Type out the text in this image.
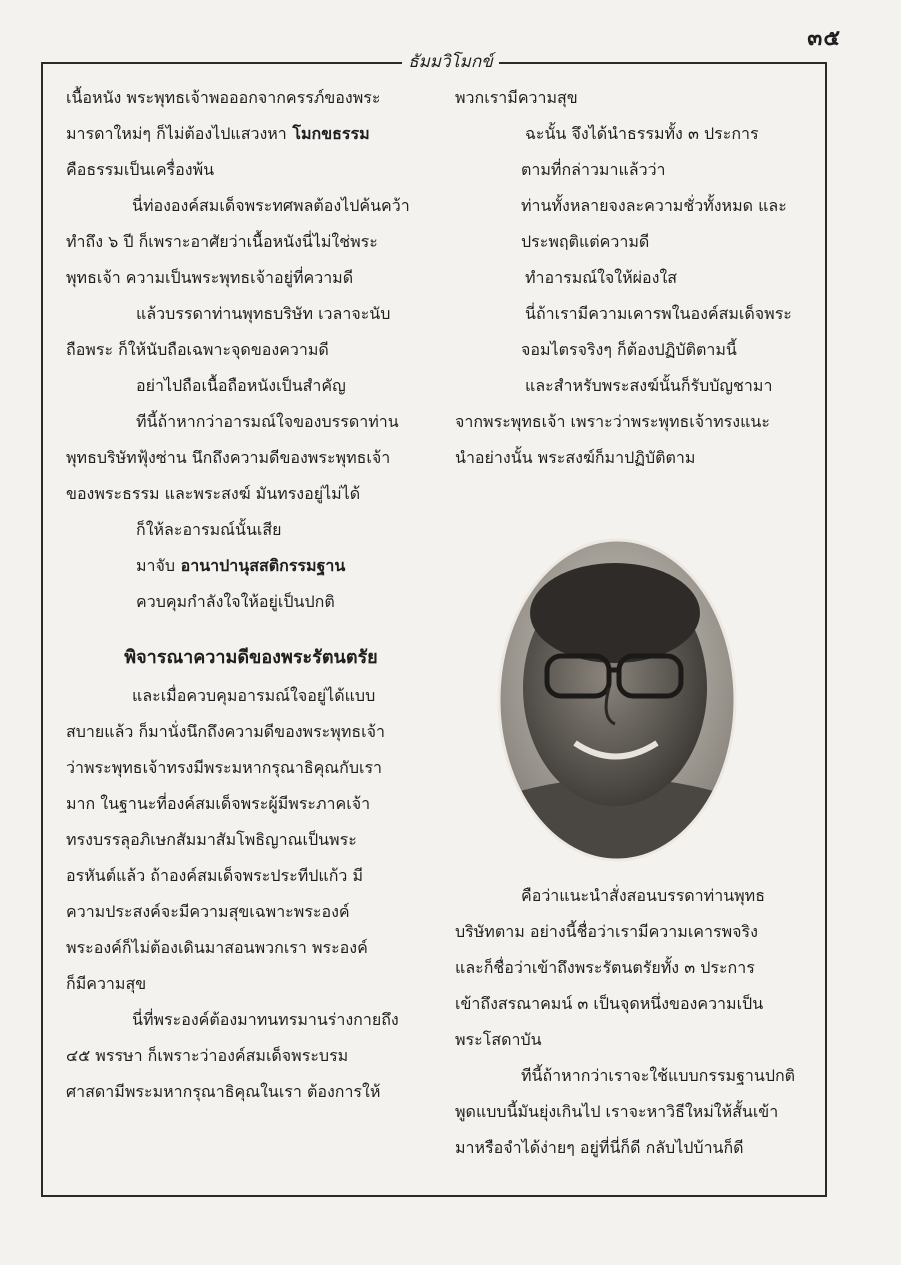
๓๕
ธัมมวิโมกข์

เนื้อหนัง พระพุทธเจ้าพอออกจากครรภ์ของพระ

มารดาใหม่ๆ ก็ไม่ต้องไปแสวงหา โมกขธรรม

คือธรรมเป็นเครื่องพ้น

นี่ท่ององค์สมเด็จพระทศพลต้องไปค้นคว้า

ทำถึง ๖ ปี ก็เพราะอาศัยว่าเนื้อหนังนี่ไม่ใช่พระ

พุทธเจ้า ความเป็นพระพุทธเจ้าอยู่ที่ความดี

แล้วบรรดาท่านพุทธบริษัท เวลาจะนับ

ถือพระ ก็ให้นับถือเฉพาะจุดของความดี

อย่าไปถือเนื้อถือหนังเป็นสำคัญ

ทีนี้ถ้าหากว่าอารมณ์ใจของบรรดาท่าน

พุทธบริษัทฟุ้งซ่าน นึกถึงความดีของพระพุทธเจ้า

ของพระธรรม และพระสงฆ์ มันทรงอยู่ไม่ได้

ก็ให้ละอารมณ์นั้นเสีย

มาจับ อานาปานุสสติกรรมฐาน

ควบคุมกำลังใจให้อยู่เป็นปกติ

พิจารณาความดีของพระรัตนตรัย

และเมื่อควบคุมอารมณ์ใจอยู่ได้แบบ

สบายแล้ว ก็มานั่งนึกถึงความดีของพระพุทธเจ้า

ว่าพระพุทธเจ้าทรงมีพระมหากรุณาธิคุณกับเรา

มาก ในฐานะที่องค์สมเด็จพระผู้มีพระภาคเจ้า

ทรงบรรลุอภิเษกสัมมาสัมโพธิญาณเป็นพระ

อรหันต์แล้ว ถ้าองค์สมเด็จพระประทีปแก้ว มี

ความประสงค์จะมีความสุขเฉพาะพระองค์

พระองค์ก็ไม่ต้องเดินมาสอนพวกเรา พระองค์

ก็มีความสุข

นี่ที่พระองค์ต้องมาทนทรมานร่างกายถึง

๔๕ พรรษา ก็เพราะว่าองค์สมเด็จพระบรม

ศาสดามีพระมหากรุณาธิคุณในเรา ต้องการให้

พวกเรามีความสุข

ฉะนั้น จึงได้นำธรรมทั้ง ๓ ประการ

ตามที่กล่าวมาแล้วว่า

ท่านทั้งหลายจงละความชั่วทั้งหมด และ

ประพฤติแต่ความดี

ทำอารมณ์ใจให้ผ่องใส

นี่ถ้าเรามีความเคารพในองค์สมเด็จพระ

จอมไตรจริงๆ ก็ต้องปฏิบัติตามนี้

และสำหรับพระสงฆ์นั้นก็รับบัญชามา

จากพระพุทธเจ้า เพราะว่าพระพุทธเจ้าทรงแนะ

นำอย่างนั้น พระสงฆ์ก็มาปฏิบัติตาม

คือว่าแนะนำสั่งสอนบรรดาท่านพุทธ

บริษัทตาม อย่างนี้ชื่อว่าเรามีความเคารพจริง

และก็ชื่อว่าเข้าถึงพระรัตนตรัยทั้ง ๓ ประการ

เข้าถึงสรณาคมน์ ๓ เป็นจุดหนึ่งของความเป็น

พระโสดาบัน

ทีนี้ถ้าหากว่าเราจะใช้แบบกรรมฐานปกติ

พูดแบบนี้มันยุ่งเกินไป เราจะหาวิธีใหม่ให้สั้นเข้า

มาหรือจำได้ง่ายๆ อยู่ที่นี่ก็ดี กลับไปบ้านก็ดี
